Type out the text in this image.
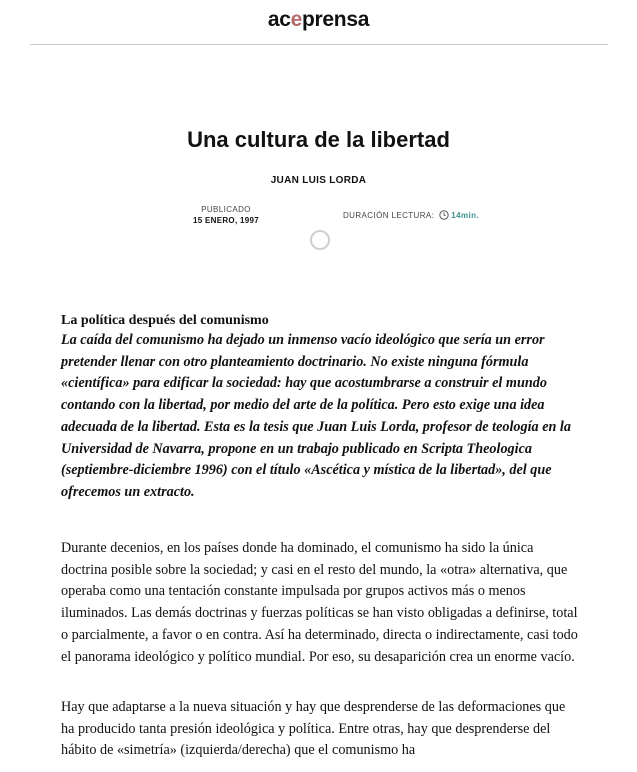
aceprensa
Una cultura de la libertad
JUAN LUIS LORDA
PUBLICADO
15 ENERO, 1997
DURACIÓN LECTURA: 14min.
La política después del comunismo

La caída del comunismo ha dejado un inmenso vacío ideológico que sería un error pretender llenar con otro planteamiento doctrinario. No existe ninguna fórmula «científica» para edificar la sociedad: hay que acostumbrarse a construir el mundo contando con la libertad, por medio del arte de la política. Pero esto exige una idea adecuada de la libertad. Esta es la tesis que Juan Luis Lorda, profesor de teología en la Universidad de Navarra, propone en un trabajo publicado en Scripta Theologica (septiembre-diciembre 1996) con el título «Ascética y mística de la libertad», del que ofrecemos un extracto.

Durante decenios, en los países donde ha dominado, el comunismo ha sido la única doctrina posible sobre la sociedad; y casi en el resto del mundo, la «otra» alternativa, que operaba como una tentación constante impulsada por grupos activos más o menos iluminados. Las demás doctrinas y fuerzas políticas se han visto obligadas a definirse, total o parcialmente, a favor o en contra. Así ha determinado, directa o indirectamente, casi todo el panorama ideológico y político mundial. Por eso, su desaparición crea un enorme vacío.

Hay que adaptarse a la nueva situación y hay que desprenderse de las deformaciones que ha producido tanta presión ideológica y política. Entre otras, hay que desprenderse del hábito de «simetría» (izquierda/derecha) que el comunismo ha
